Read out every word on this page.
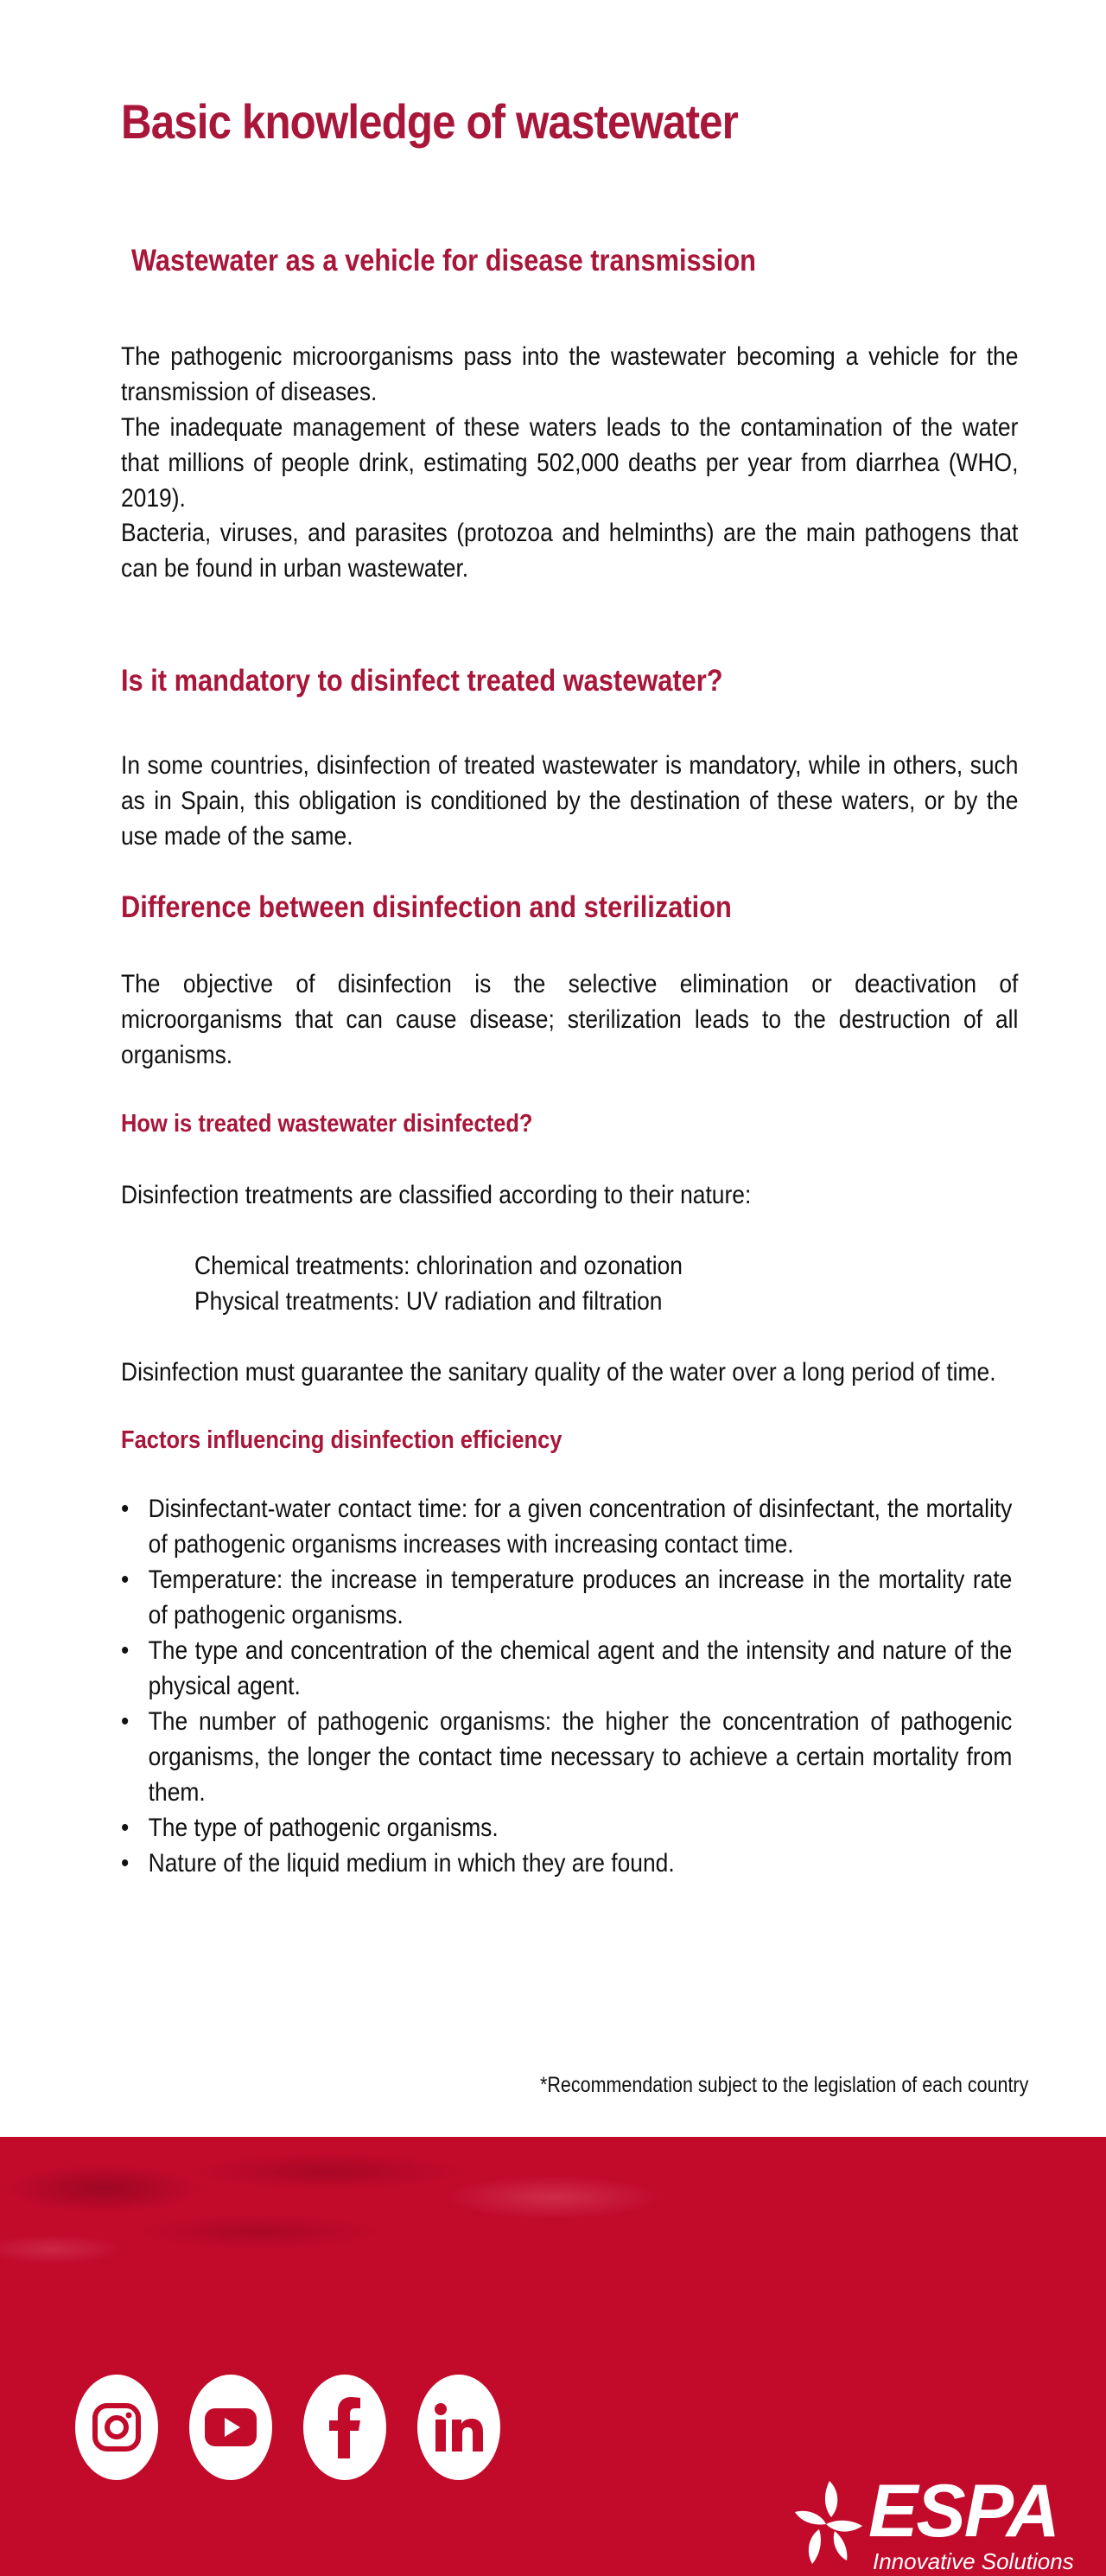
Basic knowledge of wastewater
Wastewater as a vehicle for disease transmission
The pathogenic microorganisms pass into the wastewater becoming a vehicle for the transmission of diseases.
The inadequate management of these waters leads to the contamination of the water that millions of people drink, estimating 502,000 deaths per year from diarrhea (WHO, 2019).
Bacteria, viruses, and parasites (protozoa and helminths) are the main pathogens that can be found in urban wastewater.
Is it mandatory to disinfect treated wastewater?
In some countries, disinfection of treated wastewater is mandatory, while in others, such as in Spain, this obligation is conditioned by the destination of these waters, or by the use made of the same.
Difference between disinfection and sterilization
The objective of disinfection is the selective elimination or deactivation of microorganisms that can cause disease; sterilization leads to the destruction of all organisms.
How is treated wastewater disinfected?
Disinfection treatments are classified according to their nature:
Chemical treatments: chlorination and ozonation
Physical treatments: UV radiation and filtration
Disinfection must guarantee the sanitary quality of the water over a long period of time.
Factors influencing disinfection efficiency
• Disinfectant-water contact time: for a given concentration of disinfectant, the mortality of pathogenic organisms increases with increasing contact time.
• Temperature: the increase in temperature produces an increase in the mortality rate of pathogenic organisms.
• The type and concentration of the chemical agent and the intensity and nature of the physical agent.
• The number of pathogenic organisms: the higher the concentration of pathogenic organisms, the longer the contact time necessary to achieve a certain mortality from them.
• The type of pathogenic organisms.
• Nature of the liquid medium in which they are found.
*Recommendation subject to the legislation of each country
ESPA
Innovative Solutions
